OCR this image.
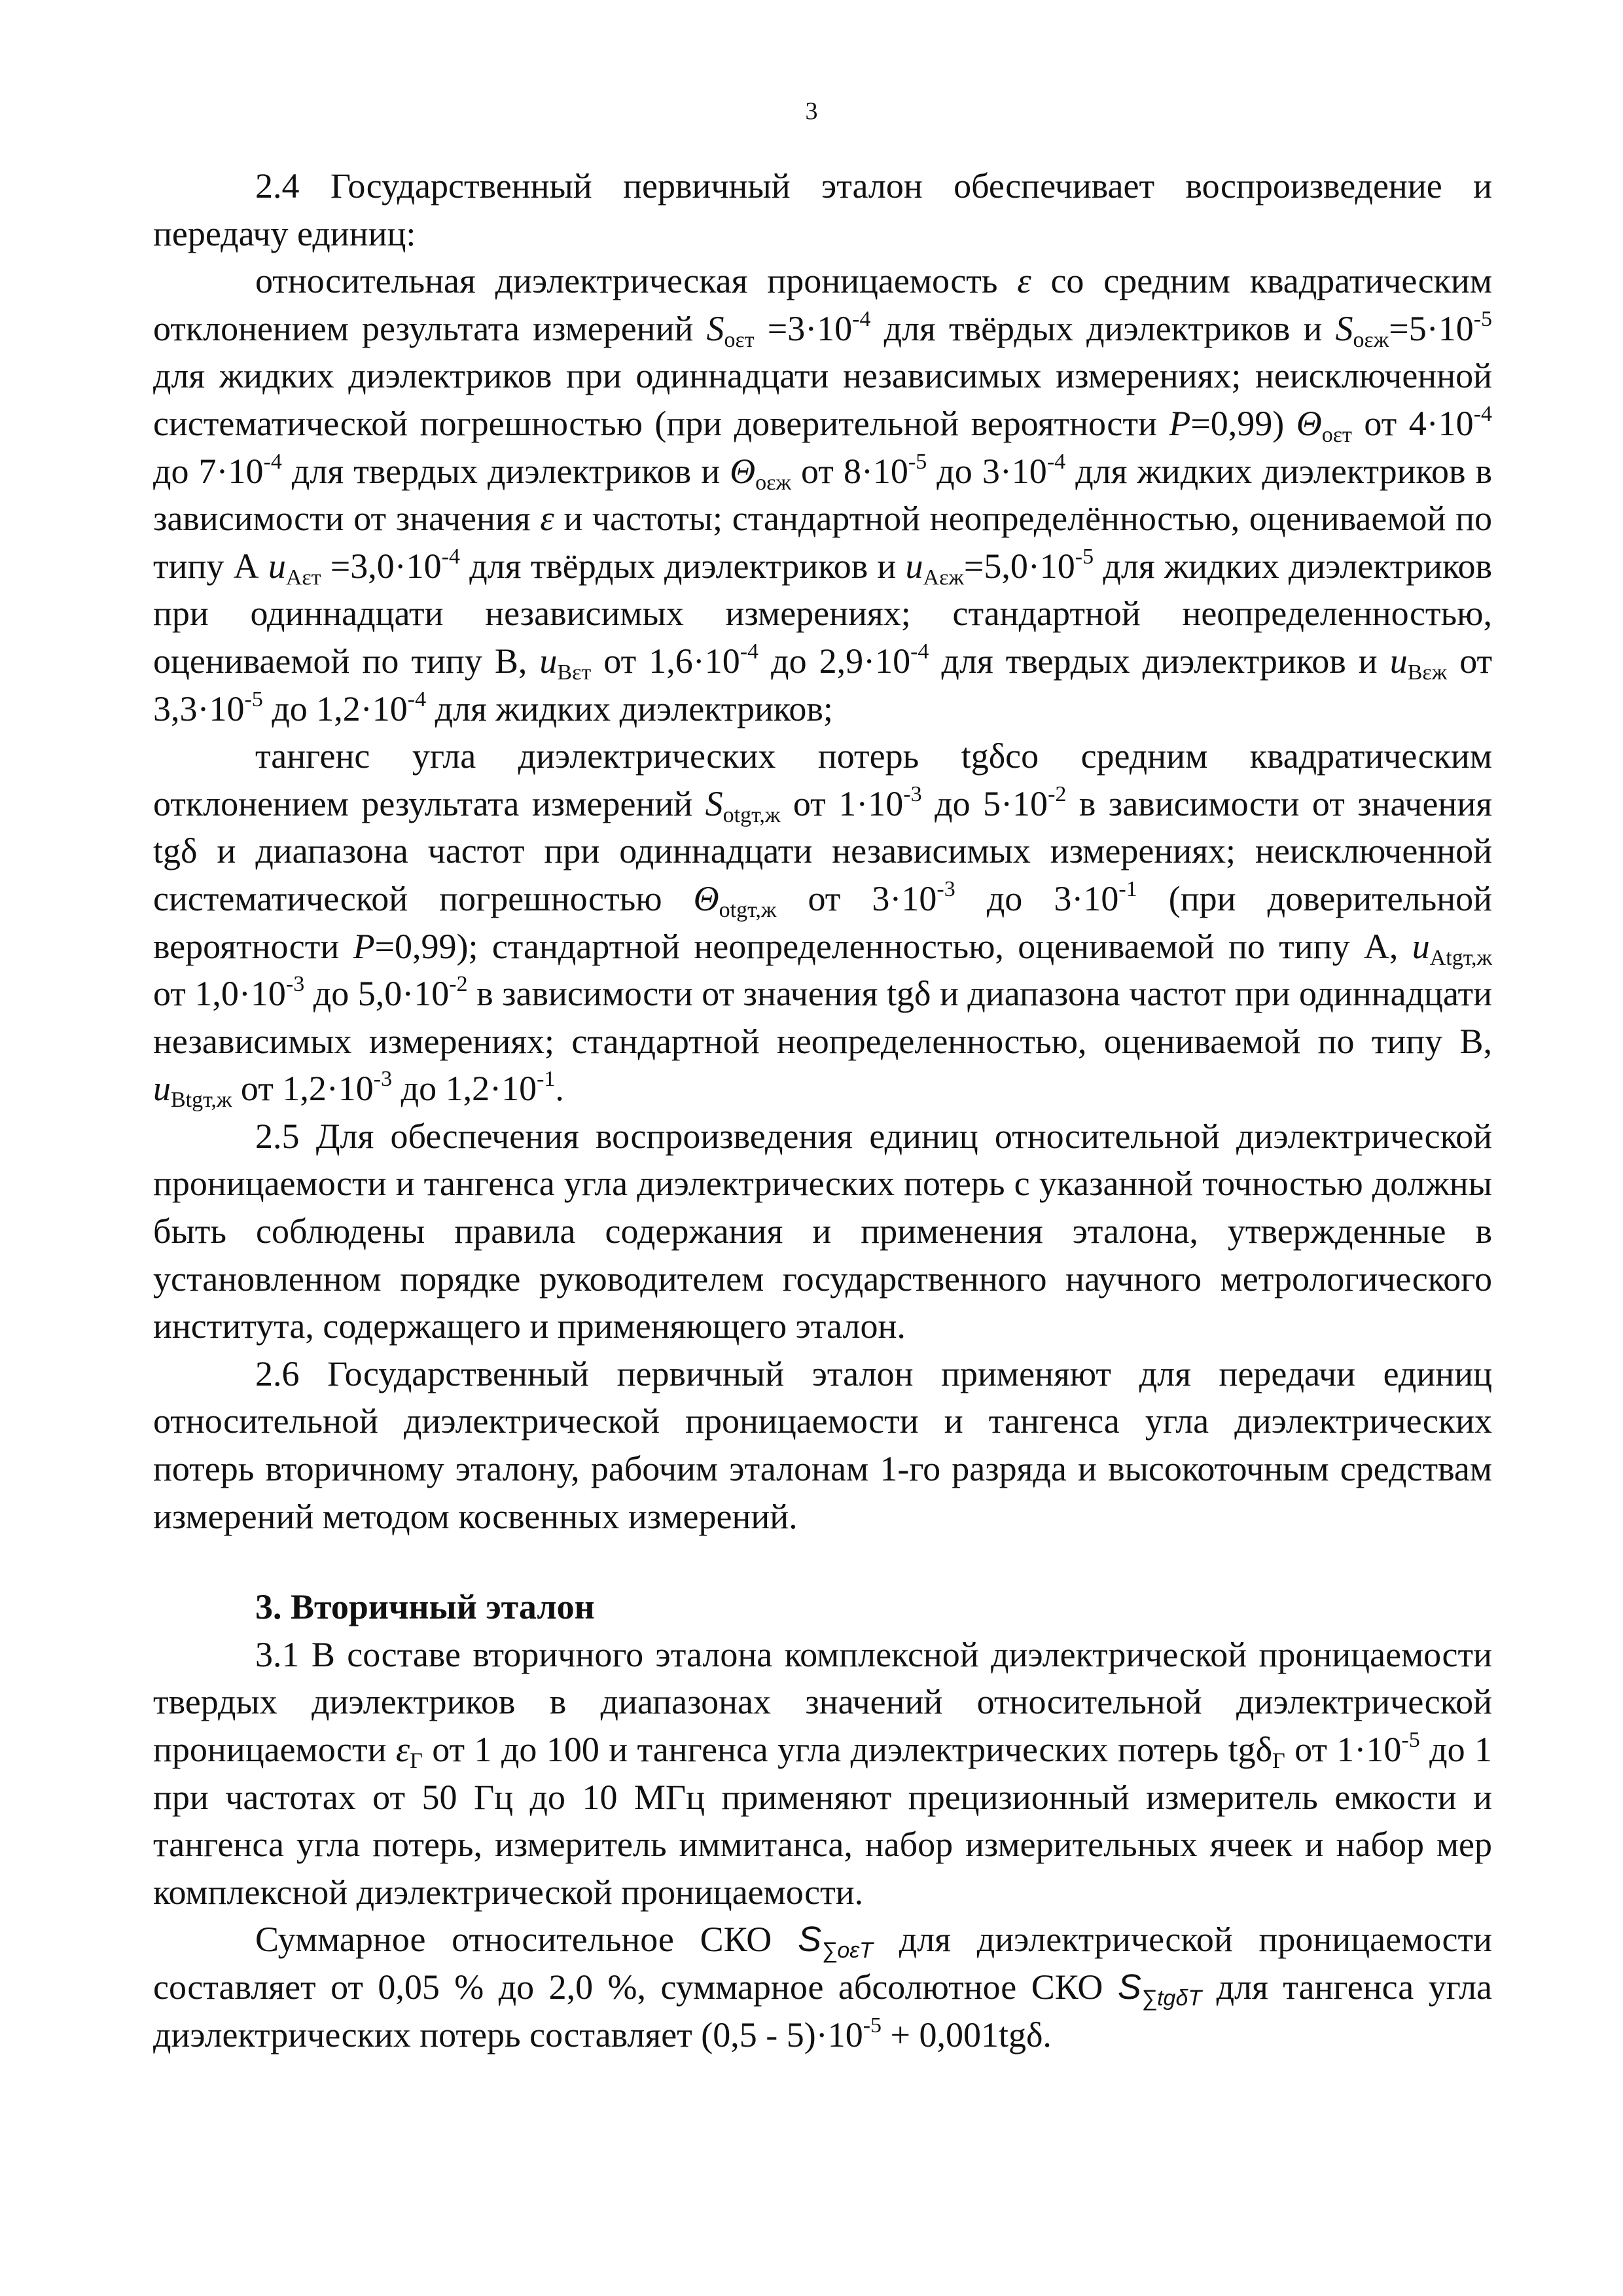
3

2.4 Государственный первичный эталон обеспечивает воспроизведение и передачу единиц:

относительная диэлектрическая проницаемость ε со средним квадратическим отклонением результата измерений $S_{о\varepsilon т} =3\cdot 10^{-4}$ для твёрдых диэлектриков и $S_{о\varepsilon ж}=5\cdot 10^{-5}$ для жидких диэлектриков при одиннадцати независимых измерениях; неисключенной систематической погрешностью (при доверительной вероятности P=0,99) $\Theta_{о\varepsilon т}$ от $4\cdot 10^{-4}$ до $7\cdot 10^{-4}$ для твердых диэлектриков и $\Theta_{о\varepsilon ж}$ от $8\cdot 10^{-5}$ до $3\cdot 10^{-4}$ для жидких диэлектриков в зависимости от значения ε и частоты; стандартной неопределённостью, оцениваемой по типу А $u_{A\varepsilon т} =3,0\cdot 10^{-4}$ для твёрдых диэлектриков и $u_{A\varepsilon ж}=5,0\cdot 10^{-5}$ для жидких диэлектриков при одиннадцати независимых измерениях; стандартной неопределенностью, оцениваемой по типу В, $u_{B\varepsilon т}$ от $1,6\cdot 10^{-4}$ до $2,9\cdot 10^{-4}$ для твердых диэлектриков и $u_{B\varepsilon ж}$ от $3,3\cdot 10^{-5}$ до $1,2\cdot 10^{-4}$ для жидких диэлектриков;

тангенс угла диэлектрических потерь tgδсо средним квадратическим отклонением результата измерений $S_{otgт,ж}$ от $1\cdot 10^{-3}$ до $5\cdot 10^{-2}$ в зависимости от значения tgδ и диапазона частот при одиннадцати независимых измерениях; неисключенной систематической погрешностью $\Theta_{otgт,ж}$ от $3\cdot 10^{-3}$ до $3\cdot 10^{-1}$ (при доверительной вероятности P=0,99); стандартной неопределенностью, оцениваемой по типу А, $u_{Atgт,ж}$ от $1,0\cdot 10^{-3}$ до $5,0\cdot 10^{-2}$ в зависимости от значения tgδ и диапазона частот при одиннадцати независимых измерениях; стандартной неопределенностью, оцениваемой по типу В, $u_{Btgт,ж}$ от $1,2\cdot 10^{-3}$ до $1,2\cdot 10^{-1}$.

2.5 Для обеспечения воспроизведения единиц относительной диэлектрической проницаемости и тангенса угла диэлектрических потерь с указанной точностью должны быть соблюдены правила содержания и применения эталона, утвержденные в установленном порядке руководителем государственного научного метрологического института, содержащего и применяющего эталон.

2.6 Государственный первичный эталон применяют для передачи единиц относительной диэлектрической проницаемости и тангенса угла диэлектрических потерь вторичному эталону, рабочим эталонам 1-го разряда и высокоточным средствам измерений методом косвенных измерений.

3. Вторичный эталон

3.1 В составе вторичного эталона комплексной диэлектрической проницаемости твердых диэлектриков в диапазонах значений относительной диэлектрической проницаемости $\varepsilon_Г$ от 1 до 100 и тангенса угла диэлектрических потерь tgδ$_Г$ от $1\cdot 10^{-5}$ до 1 при частотах от 50 Гц до 10 МГц применяют прецизионный измеритель емкости и тангенса угла потерь, измеритель иммитанса, набор измерительных ячеек и набор мер комплексной диэлектрической проницаемости.

Суммарное относительное СКО $S_{\sum о\varepsilon Т}$ для диэлектрической проницаемости составляет от 0,05 % до 2,0 %, суммарное абсолютное СКО $S_{\sum tg\delta Т}$ для тангенса угла диэлектрических потерь составляет $(0,5 - 5)\cdot 10^{-5} + 0,001tg\delta$.
